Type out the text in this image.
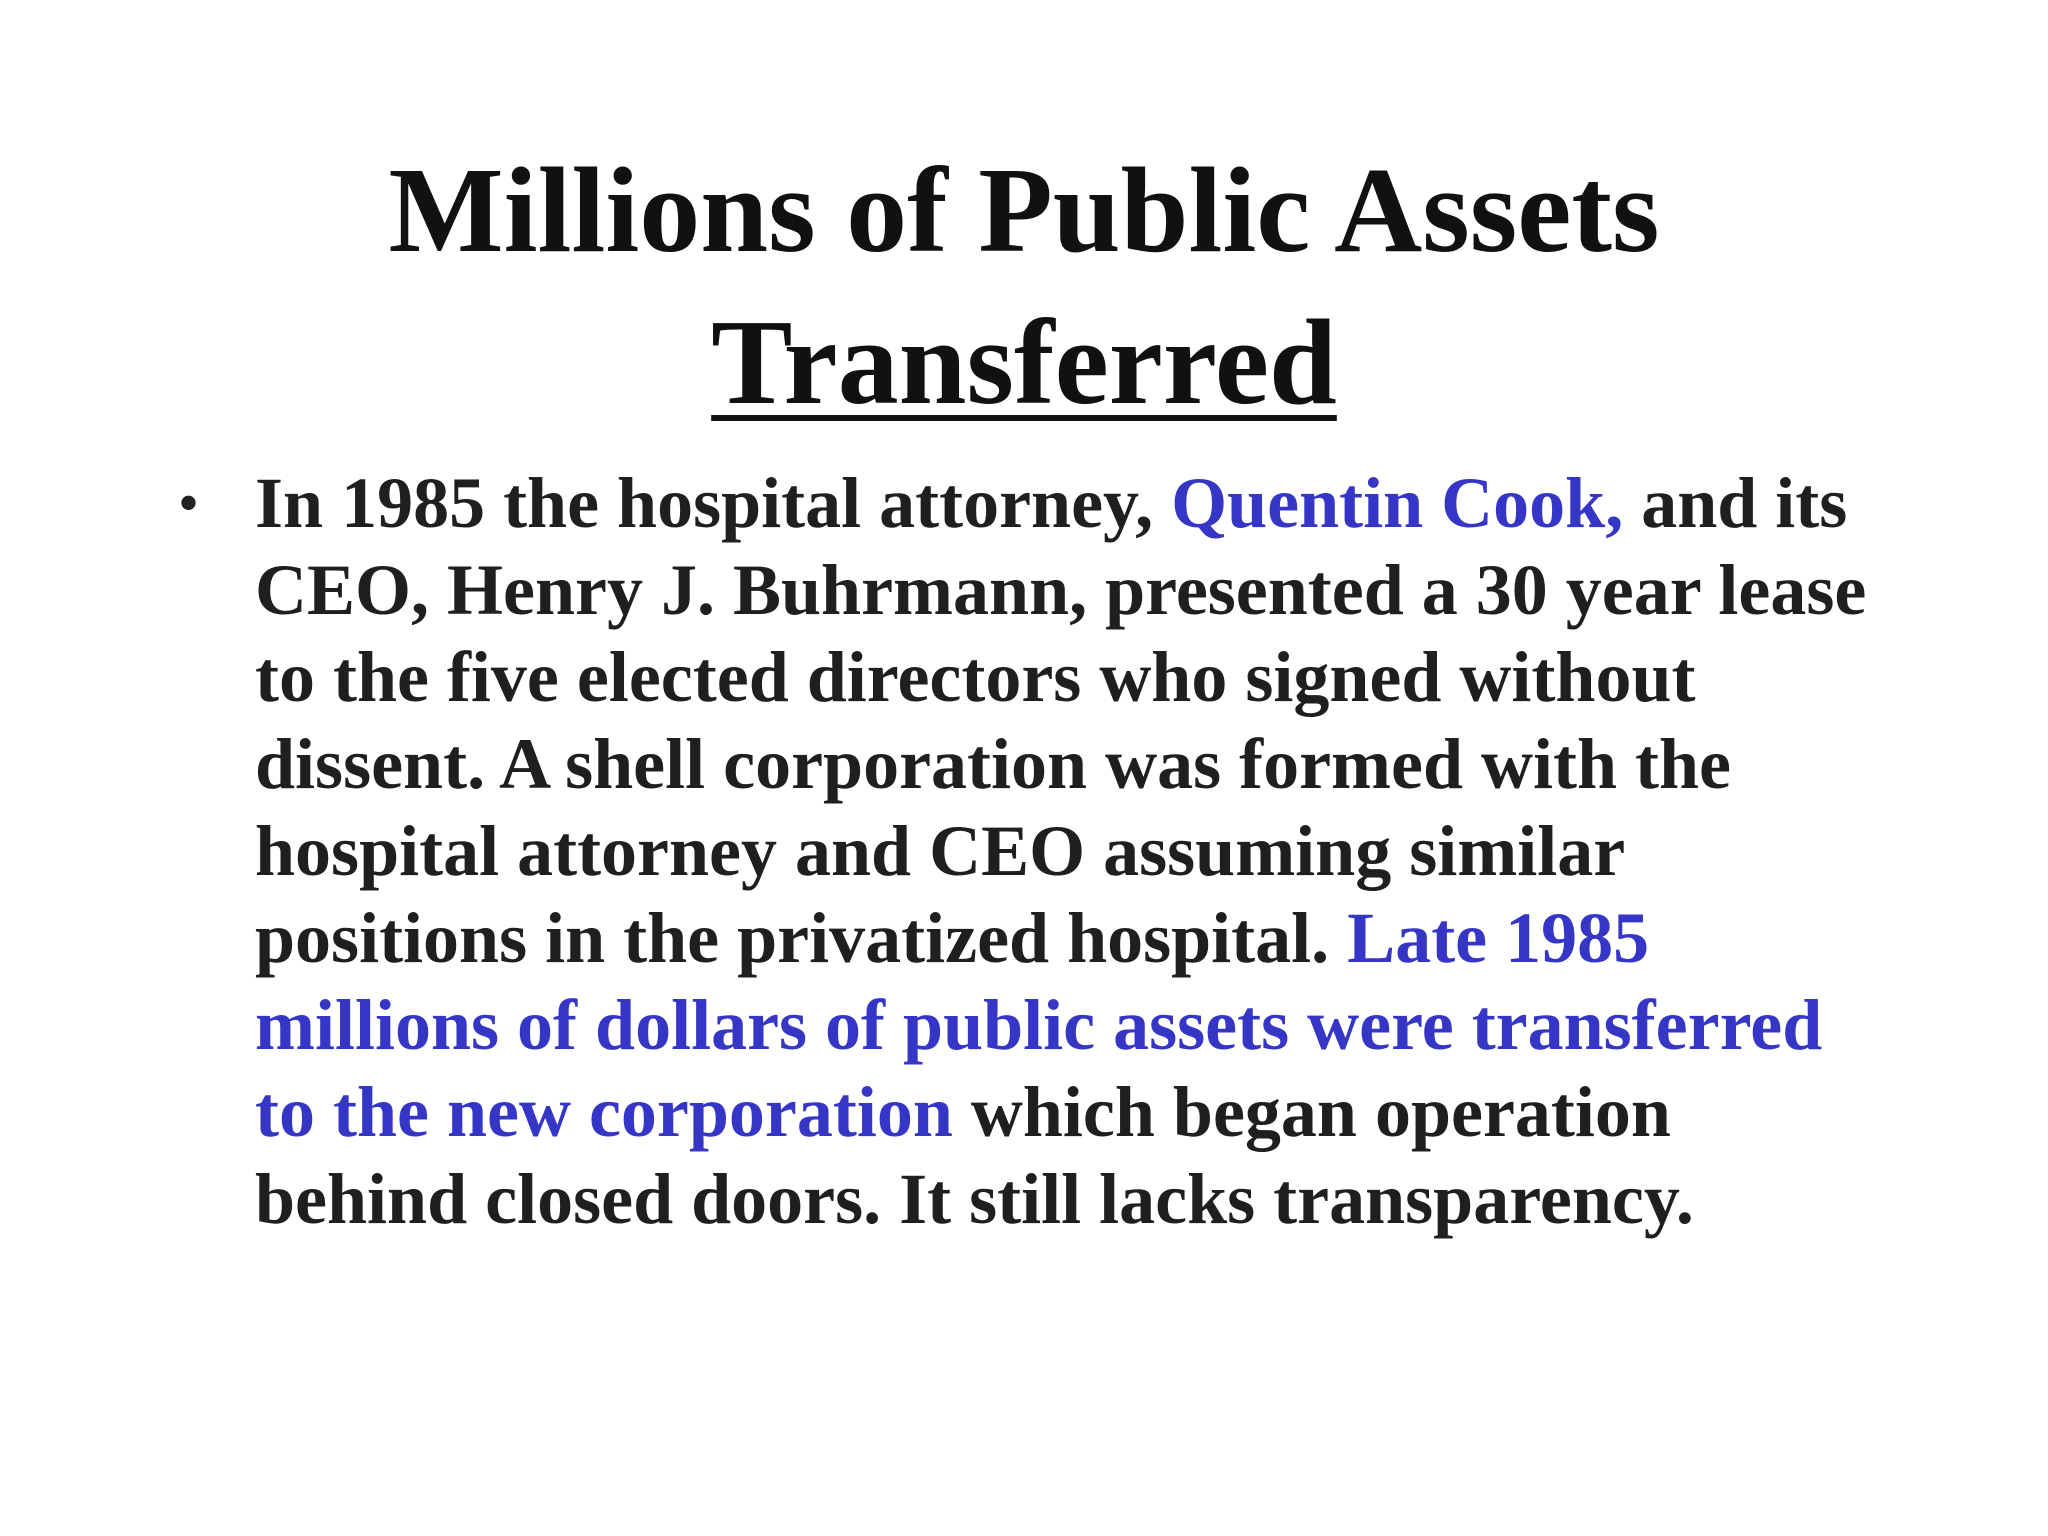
Millions of Public Assets
Transferred
• In 1985 the hospital attorney, Quentin Cook, and its CEO, Henry J. Buhrmann, presented a 30 year lease to the five elected directors who signed without dissent. A shell corporation was formed with the hospital attorney and CEO assuming similar positions in the privatized hospital. Late 1985 millions of dollars of public assets were transferred to the new corporation which began operation behind closed doors. It still lacks transparency.
